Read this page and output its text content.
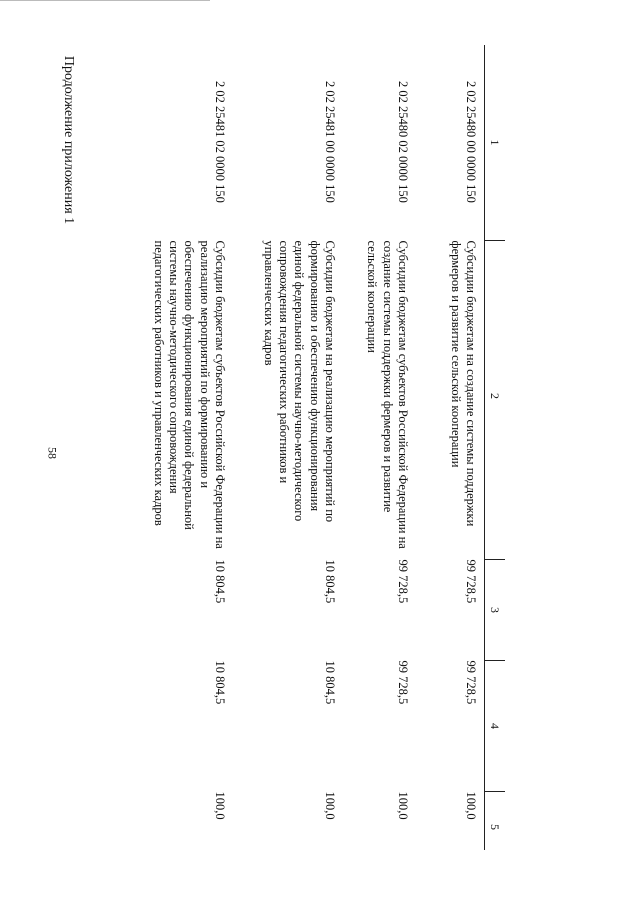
58
Продолжение приложения 1	1	2	3	4	5

2 02 25480 00 0000 150	Субсидии бюджетам на создание системы поддержки фермеров и развитие сельской кооперации	99 728,5	99 728,5	100,0

2 02 25480 02 0000 150	Субсидии бюджетам субъектов Российской Федерации на создание системы поддержки фермеров и развитие сельской кооперации	99 728,5	99 728,5	100,0

2 02 25481 00 0000 150	Субсидии бюджетам на реализацию мероприятий по формированию и обеспечению функционирования единой федеральной системы научно-методического сопровождения педагогических работников и управленческих кадров	10 804,5	10 804,5	100,0

2 02 25481 02 0000 150	Субсидии бюджетам субъектов Российской Федерации на реализацию мероприятий по формированию и обеспечению функционирования единой федеральной системы научно-методического сопровождения педагогических работников и управленческих кадров	10 804,5	10 804,5	100,0
